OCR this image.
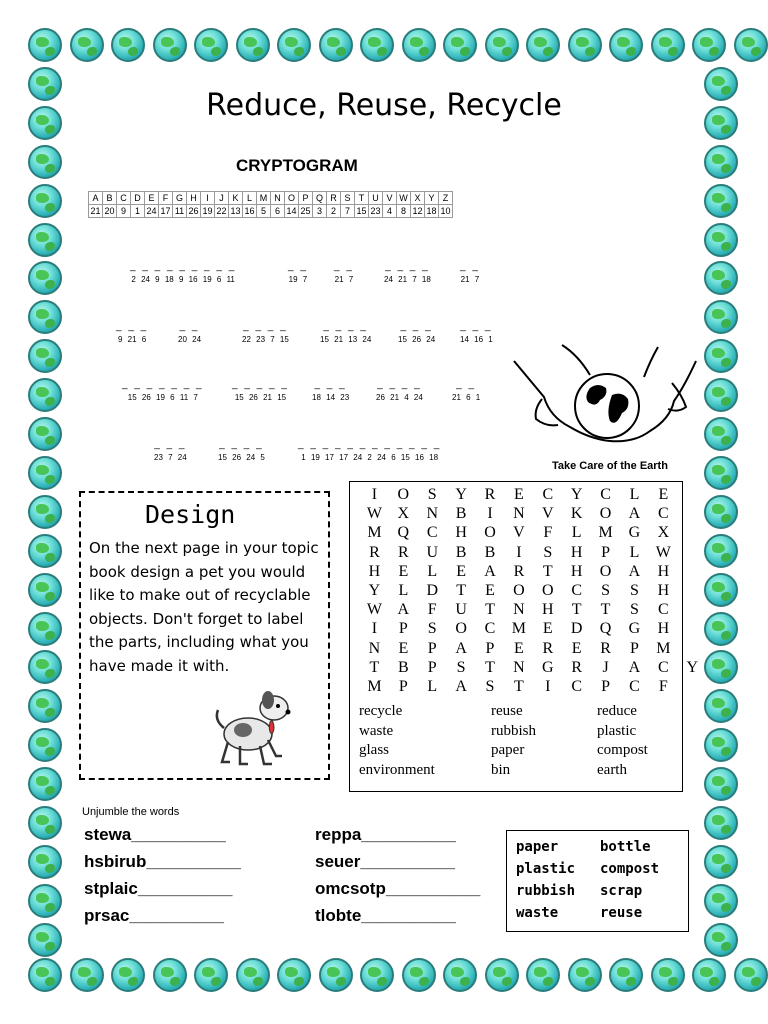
Reduce, Reuse, Recycle
CRYPTOGRAM
A	B	C	D	E	F	G	H	I	J	K	L	M	N	O	P	Q	R	S	T	U	V	W	X	Y	Z
21	20	9	1	24	17	11	26	19	22	13	16	5	6	14	25	3	2	7	15	23	4	8	12	18	10
_ _ _ _ _ _ _ _ _
2 24 9 18 9 16 19 6 11
_ _
19 7
_ _
21 7
_ _ _ _
24 21 7 18
_ _
21 7
_ _ _
9 21 6
_ _
20 24
_ _ _ _
22 23 7 15
_ _ _ _
15 21 13 24
_ _ _
15 26 24
_ _ _
14 16 1
_ _ _ _ _ _ _
15 26 19 6 11 7
_ _ _ _ _
15 26 21 15
_ _ _
18 14 23
_ _ _ _
26 21 4 24
_ _
21 6 1
_ _ _
23 7 24
_ _ _ _
15 26 24 5
_ _ _ _ _ _ _ _ _ _ _ _
1 19 17 17 24 2 24 6 15 16 18
Take Care of the Earth
Design
On the next page in your topic book design a pet you would like to make out of recyclable objects. Don't forget to label the parts, including what you have made it with.
I	O	S	Y	R	E	C	Y	C	L	E
W X	N	B	I	N	V	K	O	A	C
M Q	C	H	O	V	F	L	M G	X
R	R	U	B	B	I	S	H	P	L	W
H	E	L	E	A	R	T	H	O	A	H
Y	L	D	T	E	O	O	C	S	S	H
W A	F	U	T	N	H	T	T	S	C
I	P	S	O	C	M	E	D	Q	G	H
N	E	P	A	P	E	R	E	R	P	M
T	B	P	S	T	N	G	R	J	A	C	Y
M	P	L	A	S	T	I	C	P	C	F
recycle	reuse	reduce
waste	rubbish	plastic
glass	paper	compost
environment	bin	earth
Unjumble the words
stewa__________
hsbirub__________
stplaic__________
prsac__________
reppa__________
seuer__________
omcsotp__________
tlobte__________
paper	bottle
plastic compost
rubbish scrap
waste	reuse
